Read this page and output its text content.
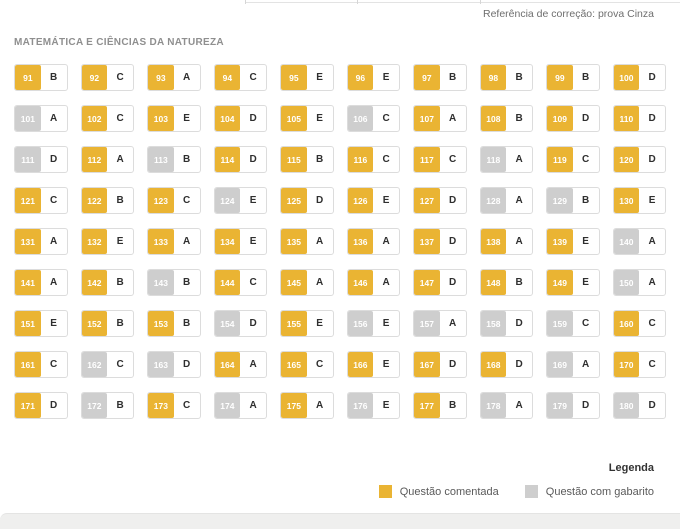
Referência de correção: prova Cinza
MATEMÁTICA E CIÊNCIAS DA NATUREZA
91	B	92	C	93	A	94	C	95	E	96	E	97	B	98	B	99	B	100	D
101	A	102	C	103	E	104	D	105	E	106	C	107	A	108	B	109	D	110	D
111	D	112	A	113	B	114	D	115	B	116	C	117	C	118	A	119	C	120	D
121	C	122	B	123	C	124	E	125	D	126	E	127	D	128	A	129	B	130	E
131	A	132	E	133	A	134	E	135	A	136	A	137	D	138	A	139	E	140	A
141	A	142	B	143	B	144	C	145	A	146	A	147	D	148	B	149	E	150	A
151	E	152	B	153	B	154	D	155	E	156	E	157	A	158	D	159	C	160	C
161	C	162	C	163	D	164	A	165	C	166	E	167	D	168	D	169	A	170	C
171	D	172	B	173	C	174	A	175	A	176	E	177	B	178	A	179	D	180	D
Legenda
Questão comentada	Questão com gabarito
